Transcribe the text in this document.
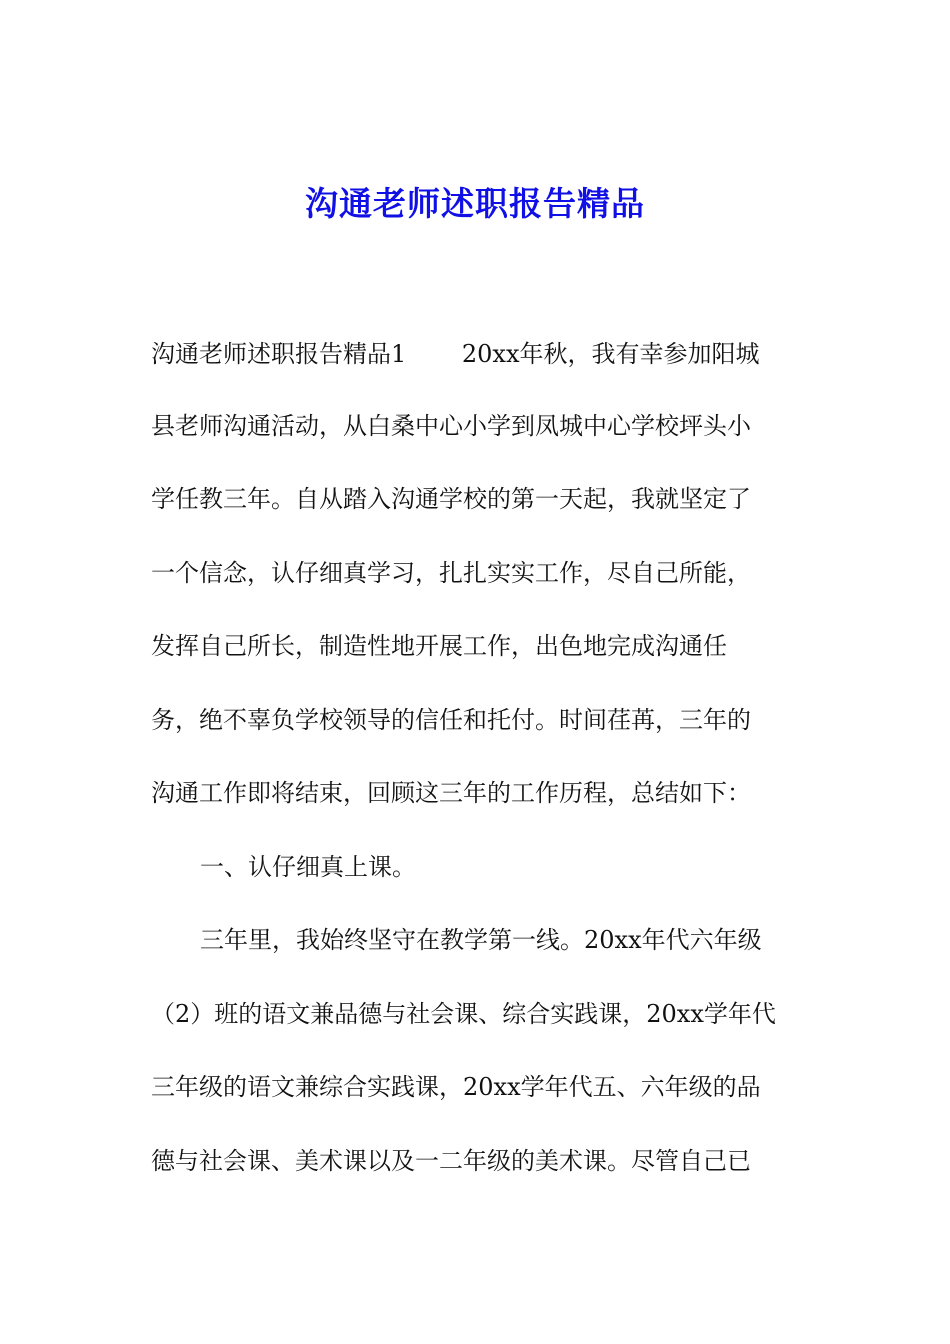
沟通老师述职报告精品
沟通老师述职报告精品1　　 20xx年秋，我有幸参加阳城
县老师沟通活动，从白桑中心小学到凤城中心学校坪头小
学任教三年。自从踏入沟通学校的第一天起，我就坚定了
一个信念，认仔细真学习，扎扎实实工作，尽自己所能，
发挥自己所长，制造性地开展工作，出色地完成沟通任
务，绝不辜负学校领导的信任和托付。时间荏苒，三年的
沟通工作即将结束，回顾这三年的工作历程，总结如下：
一、认仔细真上课。
三年里，我始终坚守在教学第一线。20xx年代六年级
（2）班的语文兼品德与社会课、综合实践课，20xx学年代
三年级的语文兼综合实践课，20xx学年代五、六年级的品
德与社会课、美术课以及一二年级的美术课。尽管自己已
